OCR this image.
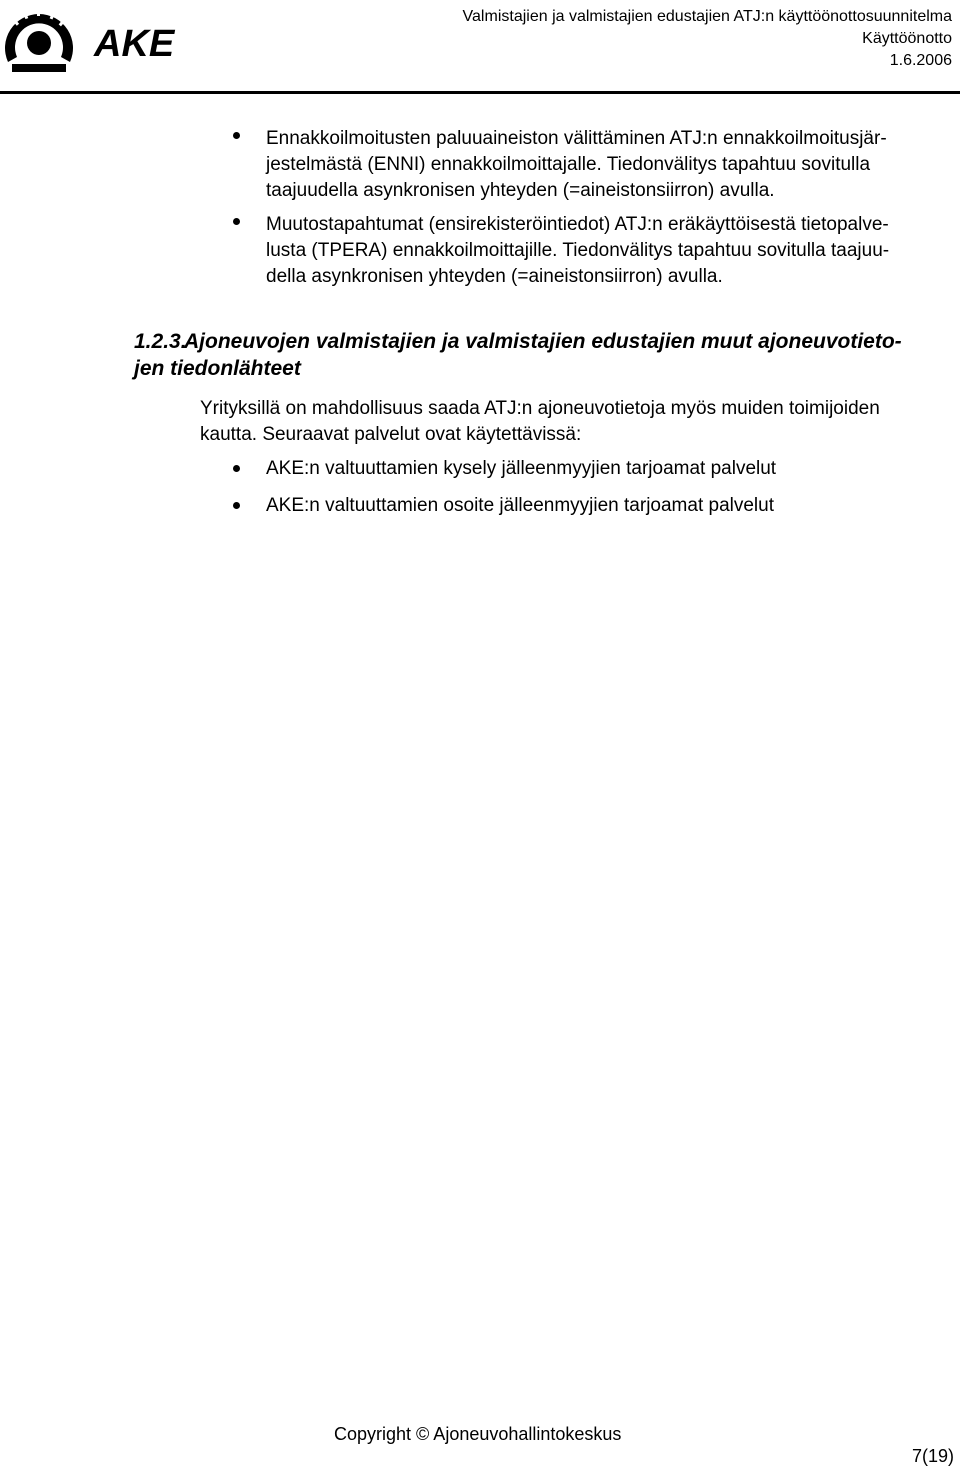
AKE
Valmistajien ja valmistajien edustajien ATJ:n käyttöönottosuunnitelma
Käyttöönotto
1.6.2006
Ennakkoilmoitusten paluuaineiston välittäminen ATJ:n ennakkoilmoitusjär-
jestelmästä (ENNI) ennakkoilmoittajalle. Tiedonvälitys tapahtuu sovitulla
taajuudella asynkronisen yhteyden (=aineistonsiirron) avulla.
Muutostapahtumat (ensirekisteröintiedot) ATJ:n eräkäyttöisestä tietopalve-
lusta (TPERA) ennakkoilmoittajille. Tiedonvälitys tapahtuu sovitulla taajuu-
della asynkronisen yhteyden (=aineistonsiirron) avulla.
1.2.3.
Ajoneuvojen valmistajien ja valmistajien edustajien muut ajoneuvotieto-
jen tiedonlähteet
Yrityksillä on mahdollisuus saada ATJ:n ajoneuvotietoja myös muiden toimijoiden
kautta. Seuraavat palvelut ovat käytettävissä:
AKE:n valtuuttamien kysely jälleenmyyjien tarjoamat palvelut
AKE:n valtuuttamien osoite jälleenmyyjien tarjoamat palvelut
Copyright © Ajoneuvohallintokeskus
7(19)
